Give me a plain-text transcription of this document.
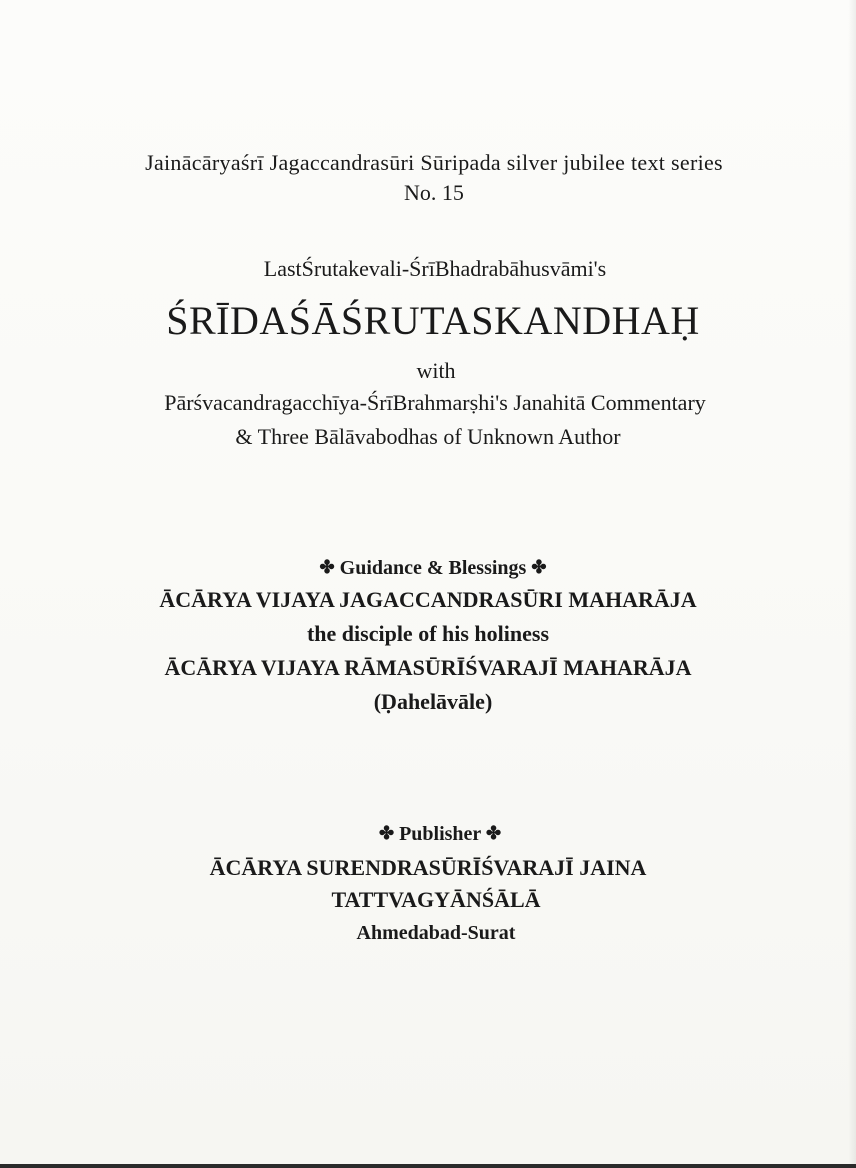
Jainācāryaśrī Jagaccandrasūri Sūripada silver jubilee text series
No. 15
LastŚrutakevali-ŚrīBhadrabāhusvāmi's
ŚRĪDAŚĀŚRUTASKANDHAḤ
with
Pārśvacandragacchīya-ŚrīBrahmarṣhi's Janahitā Commentary
& Three Bālāvabodhas of Unknown Author
✤ Guidance & Blessings ✤
ĀCĀRYA VIJAYA JAGACCANDRASŪRI MAHARĀJA
the disciple of his holiness
ĀCĀRYA VIJAYA RĀMASŪRĪŚVARAJĪ MAHARĀJA
(Ḍahelāvāle)
✤ Publisher ✤
ĀCĀRYA SURENDRASŪRĪŚVARAJĪ JAINA
TATTVAGYĀNŚĀLĀ
Ahmedabad-Surat
